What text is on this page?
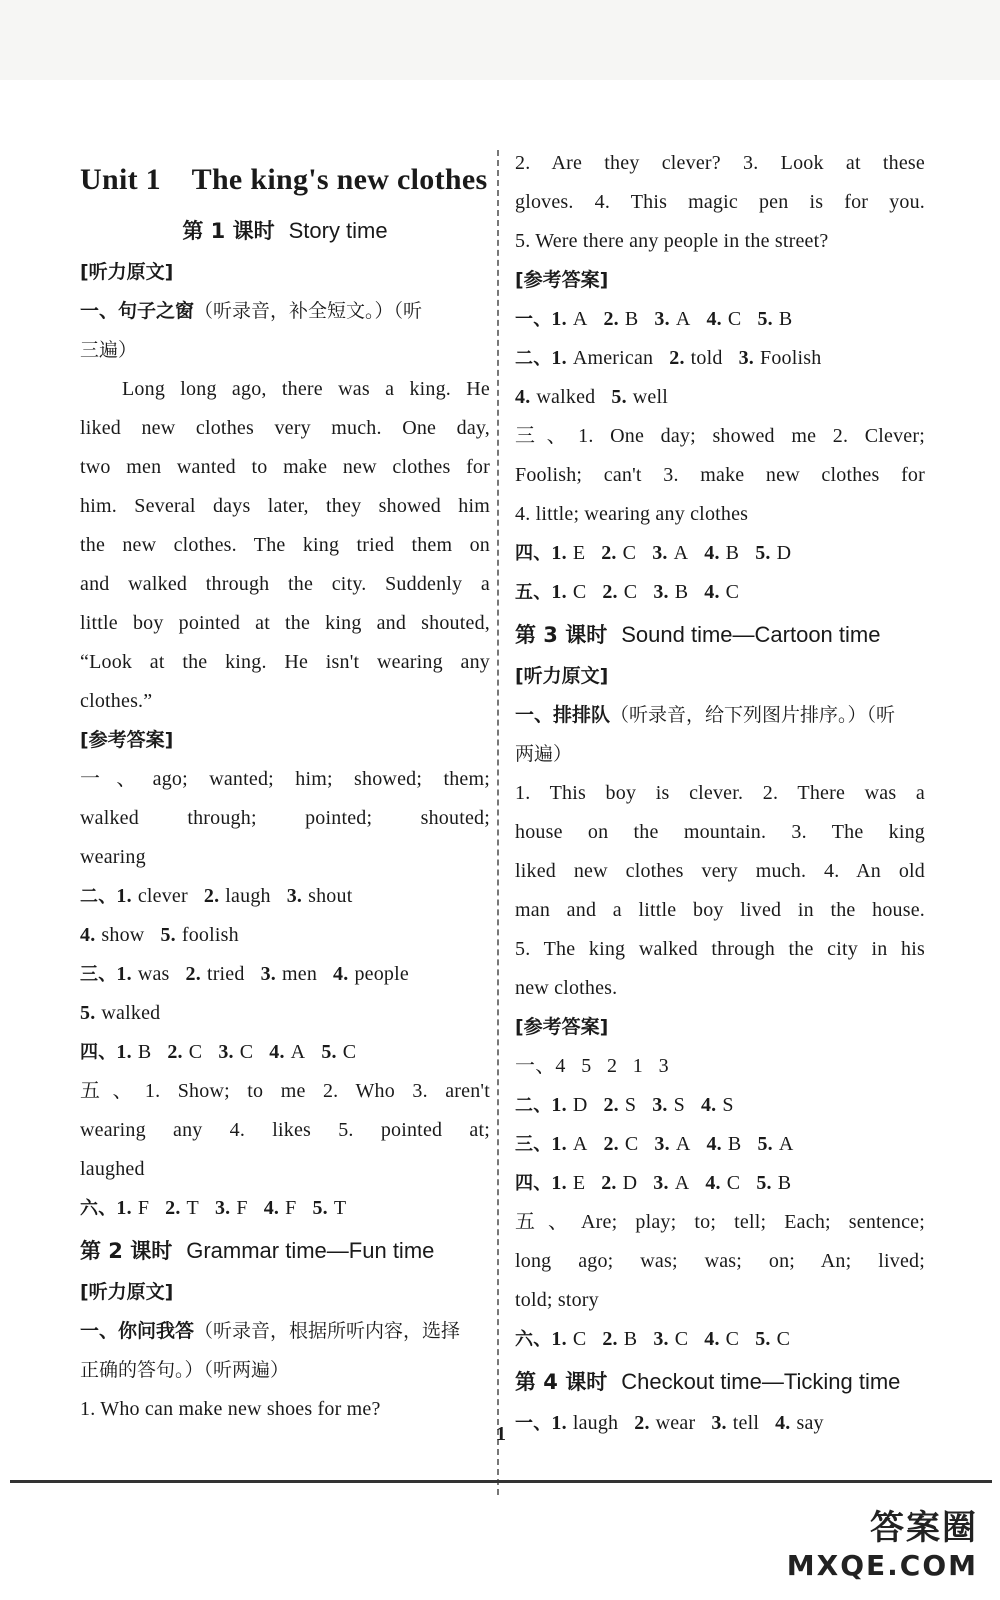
Unit 1    The king's new clothes
第 1 课时 Story time
[听力原文]
一、句子之窗（听录音，补全短文。）（听
三遍）
Long long ago, there was a king. He
liked new clothes very much. One day,
two men wanted to make new clothes for
him. Several days later, they showed him
the new clothes. The king tried them on
and walked through the city. Suddenly a
little boy pointed at the king and shouted,
“Look at the king. He isn't wearing any
clothes.”
[参考答案]
一、ago; wanted; him; showed; them;
walked through; pointed; shouted;
wearing
二、1. clever 2. laugh 3. shout
4. show 5. foolish
三、1. was 2. tried 3. men 4. people
5. walked
四、1. B 2. C 3. C 4. A 5. C
五、1. Show; to me 2. Who 3. aren't
wearing any 4. likes 5. pointed at;
laughed
六、1. F 2. T 3. F 4. F 5. T
第 2 课时 Grammar time—Fun time
[听力原文]
一、你问我答（听录音，根据所听内容，选择
正确的答句。）（听两遍）
1. Who can make new shoes for me?
2. Are they clever? 3. Look at these
gloves. 4. This magic pen is for you.
5. Were there any people in the street?
[参考答案]
一、1. A 2. B 3. A 4. C 5. B
二、1. American 2. told 3. Foolish
4. walked 5. well
三、1. One day; showed me 2. Clever;
Foolish; can't 3. make new clothes for
4. little; wearing any clothes
四、1. E 2. C 3. A 4. B 5. D
五、1. C 2. C 3. B 4. C
第 3 课时 Sound time—Cartoon time
[听力原文]
一、排排队（听录音，给下列图片排序。）（听
两遍）
1. This boy is clever. 2. There was a
house on the mountain. 3. The king
liked new clothes very much. 4. An old
man and a little boy lived in the house.
5. The king walked through the city in his
new clothes.
[参考答案]
一、4   5   2   1   3
二、1. D 2. S 3. S 4. S
三、1. A 2. C 3. A 4. B 5. A
四、1. E 2. D 3. A 4. C 5. B
五、Are; play; to; tell; Each; sentence;
long ago; was; was; on; An; lived;
told; story
六、1. C 2. B 3. C 4. C 5. C
第 4 课时 Checkout time—Ticking time
一、1. laugh 2. wear 3. tell 4. say
1
答案圈
MXQE.COM
